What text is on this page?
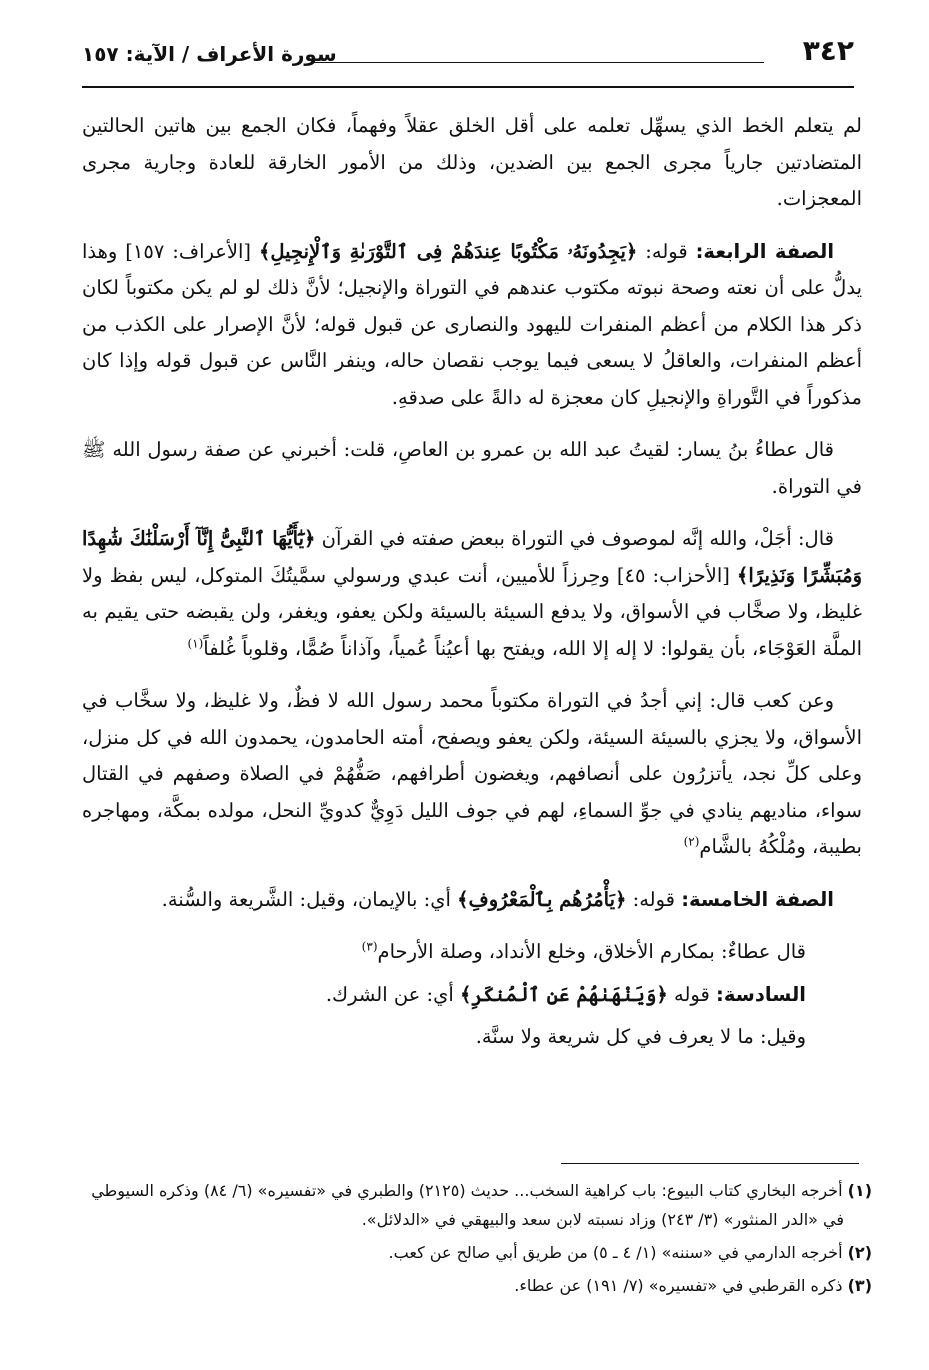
٣٤٢
سورة الأعراف / الآية: ١٥٧

لم يتعلم الخط الذي يسهِّل تعلمه على أقل الخلق عقلاً وفهماً، فكان الجمع بين هاتين الحالتين المتضادتين جارياً مجرى الجمع بين الضدين، وذلك من الأمور الخارقة للعادة وجارية مجرى المعجزات.

الصفة الرابعة: قوله: ﴿يَجِدُونَهُۥ مَكْتُوبًا عِندَهُمْ فِى ٱلتَّوْرَىٰةِ وَٱلْإِنجِيلِ﴾ [الأعراف: ١٥٧] وهذا يدلُّ على أن نعته وصحة نبوته مكتوب عندهم في التوراة والإنجيل؛ لأنَّ ذلك لو لم يكن مكتوباً لكان ذكر هذا الكلام من أعظم المنفرات لليهود والنصارى عن قبول قوله؛ لأنَّ الإصرار على الكذب من أعظم المنفرات، والعاقلُ لا يسعى فيما يوجب نقصان حاله، وينفر النَّاس عن قبول قوله وإذا كان مذكوراً في التَّوراةِ والإنجيلِ كان معجزة له دالةً على صدقهِ.

قال عطاءُ بنُ يسار: لقيتُ عبد الله بن عمرو بن العاصِ، قلت: أخبرني عن صفة رسول الله ﷺ في التوراة.

قال: أجَلْ، والله إنَّه لموصوف في التوراة ببعض صفته في القرآن ﴿يَٰٓأَيُّهَا ٱلنَّبِىُّ إِنَّآ أَرْسَلْنَٰكَ شَٰهِدًا وَمُبَشِّرًا وَنَذِيرًا﴾ [الأحزاب: ٤٥] وحِرزاً للأميين، أنت عبدي ورسولي سمَّيتُكَ المتوكل، ليس بفظ ولا غليظ، ولا صخَّاب في الأسواق، ولا يدفع السيئة بالسيئة ولكن يعفو، ويغفر، ولن يقبضه حتى يقيم به الملَّة العَوْجَاء، بأن يقولوا: لا إله إلا الله، ويفتح بها أعيُناً عُمياً، وآذاناً صُمًّا، وقلوباً غُلفاً$^{(١)}$

وعن كعب قال: إني أجدُ في التوراة مكتوباً محمد رسول الله لا فظٌ، ولا غليظ، ولا سخَّاب في الأسواق، ولا يجزي بالسيئة السيئة، ولكن يعفو ويصفح، أمته الحامدون، يحمدون الله في كل منزل، وعلى كلِّ نجد، يأتزرُون على أنصافهم، ويغضون أطرافهم، صَفُّهُمْ في الصلاة وصفهم في القتال سواء، مناديهم ينادي في جوِّ السماءِ، لهم في جوف الليل دَوِيٌّ كدويِّ النحل، مولده بمكَّة، ومهاجره بطيبة، ومُلْكُهُ بالشَّام$^{(٢)}$

الصفة الخامسة: قوله: ﴿يَأْمُرُهُم بِٱلْمَعْرُوفِ﴾ أي: بالإيمان، وقيل: الشَّريعة والسُّنة.

قال عطاءٌ: بمكارم الأخلاق، وخلع الأنداد، وصلة الأرحام$^{(٣)}$

السادسة: قوله ﴿وَيَنْهَىٰهُمْ عَنِ ٱلْمُنكَرِ﴾ أي: عن الشرك.

وقيل: ما لا يعرف في كل شريعة ولا سنَّة.

(١) أخرجه البخاري كتاب البيوع: باب كراهية السخب... حديث (٢١٢٥) والطبري في «تفسيره» (٦/ ٨٤) وذكره السيوطي في «الدر المنثور» (٣/ ٢٤٣) وزاد نسبته لابن سعد والبيهقي في «الدلائل».

(٢) أخرجه الدارمي في «سننه» (١/ ٤ ـ ٥) من طريق أبي صالح عن كعب.

(٣) ذكره القرطبي في «تفسيره» (٧/ ١٩١) عن عطاء.
